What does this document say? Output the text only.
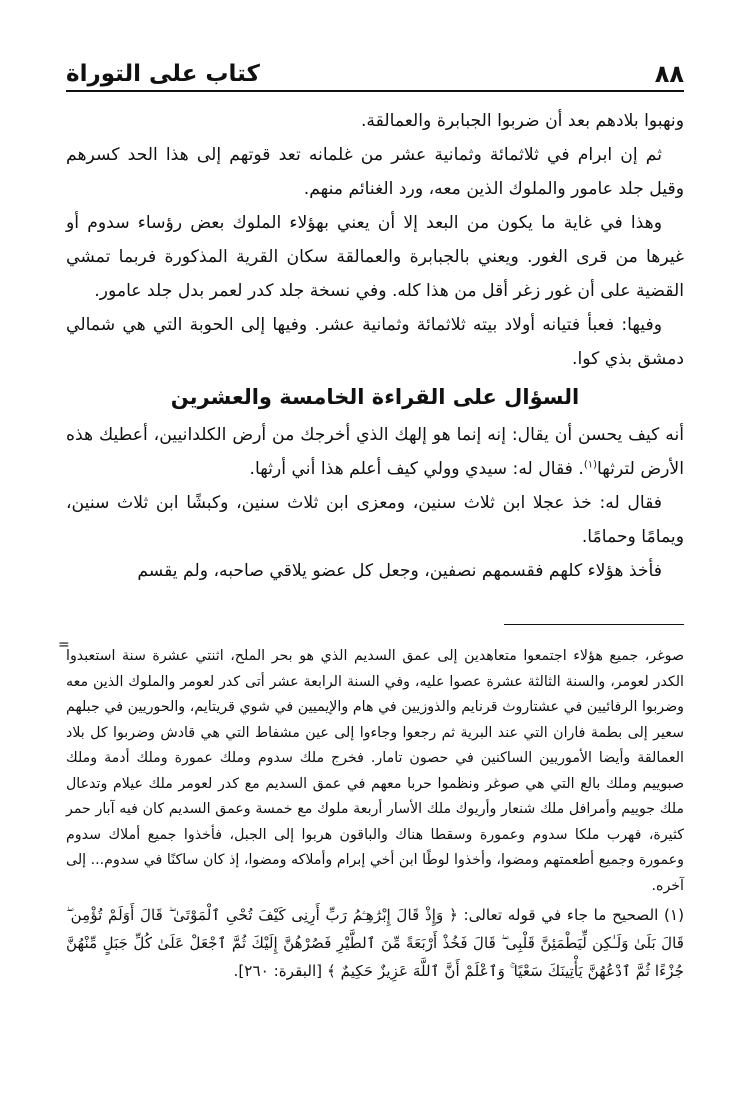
٨٨
كتاب على التوراة

ونهبوا بلادهم بعد أن ضربوا الجبابرة والعمالقة.

ثم إن ابرام في ثلاثمائة وثمانية عشر من غلمانه تعد قوتهم إلى هذا الحد كسرهم وقيل جلد عامور والملوك الذين معه، ورد الغنائم منهم.

وهذا في غاية ما يكون من البعد إلا أن يعني بهؤلاء الملوك بعض رؤساء سدوم أو غيرها من قرى الغور. ويعني بالجبابرة والعمالقة سكان القرية المذكورة فربما تمشي القضية على أن غور زغر أقل من هذا كله. وفي نسخة جلد كدر لعمر بدل جلد عامور.

وفيها: فعبأ فتيانه أولاد بيته ثلاثمائة وثمانية عشر. وفيها إلى الحوبة التي هي شمالي دمشق بذي كوا.

السؤال على القراءة الخامسة والعشرين

أنه كيف يحسن أن يقال: إنه إنما هو إلهك الذي أخرجك من أرض الكلدانيين، أعطيك هذه الأرض لترثها$^{(١)}$. فقال له: سيدي وولي كيف أعلم هذا أني أرثها.

فقال له: خذ عجلا ابن ثلاث سنين، ومعزى ابن ثلاث سنين، وكبشًا ابن ثلاث سنين، ويمامًا وحمامًا.

فأخذ هؤلاء كلهم فقسمهم نصفين، وجعل كل عضو يلاقي صاحبه، ولم يقسم

=

صوغر، جميع هؤلاء اجتمعوا متعاهدين إلى عمق السديم الذي هو بحر الملح، اثنتي عشرة سنة استعبدوا الكدر لعومر، والسنة الثالثة عشرة عصوا عليه، وفي السنة الرابعة عشر أتى كدر لعومر والملوك الذين معه وضربوا الرفائيين في عشتاروث قرنايم والذوزيين في هام والإيميين في شوي قريتايم، والحوريين في جبلهم سعير إلى بطمة فاران التي عند البرية ثم رجعوا وجاءوا إلى عين مشفاط التي هي قادش وضربوا كل بلاد العمالقة وأيضا الأموريين الساكنين في حصون تامار. فخرج ملك سدوم وملك عمورة وملك أدمة وملك صبوييم وملك بالع التي هي صوغر ونظموا حربا معهم في عمق السديم مع كدر لعومر ملك عيلام وتدعال ملك جوييم وأمرافل ملك شنعار وأريوك ملك الأسار أربعة ملوك مع خمسة وعمق السديم كان فيه آبار حمر كثيرة، فهرب ملكا سدوم وعمورة وسقطا هناك والباقون هربوا إلى الجبل، فأخذوا جميع أملاك سدوم وعمورة وجميع أطعمتهم ومضوا، وأخذوا لوطًا ابن أخي إبرام وأملاكه ومضوا، إذ كان ساكنًا في سدوم... إلى آخره.

(١) الصحيح ما جاء في قوله تعالى: ﴿ وَإِذْ قَالَ إِبْرَٰهِـۧمُ رَبِّ أَرِنِى كَيْفَ تُحْىِ ٱلْمَوْتَىٰ ۖ قَالَ أَوَلَمْ تُؤْمِن ۖ قَالَ بَلَىٰ وَلَـٰكِن لِّيَطْمَئِنَّ قَلْبِى ۖ قَالَ فَخُذْ أَرْبَعَةً مِّنَ ٱلطَّيْرِ فَصُرْهُنَّ إِلَيْكَ ثُمَّ ٱجْعَلْ عَلَىٰ كُلِّ جَبَلٍ مِّنْهُنَّ جُزْءًا ثُمَّ ٱدْعُهُنَّ يَأْتِينَكَ سَعْيًا ۚ وَٱعْلَمْ أَنَّ ٱللَّهَ عَزِيزٌ حَكِيمٌ ﴾ [البقرة: ٢٦٠].
